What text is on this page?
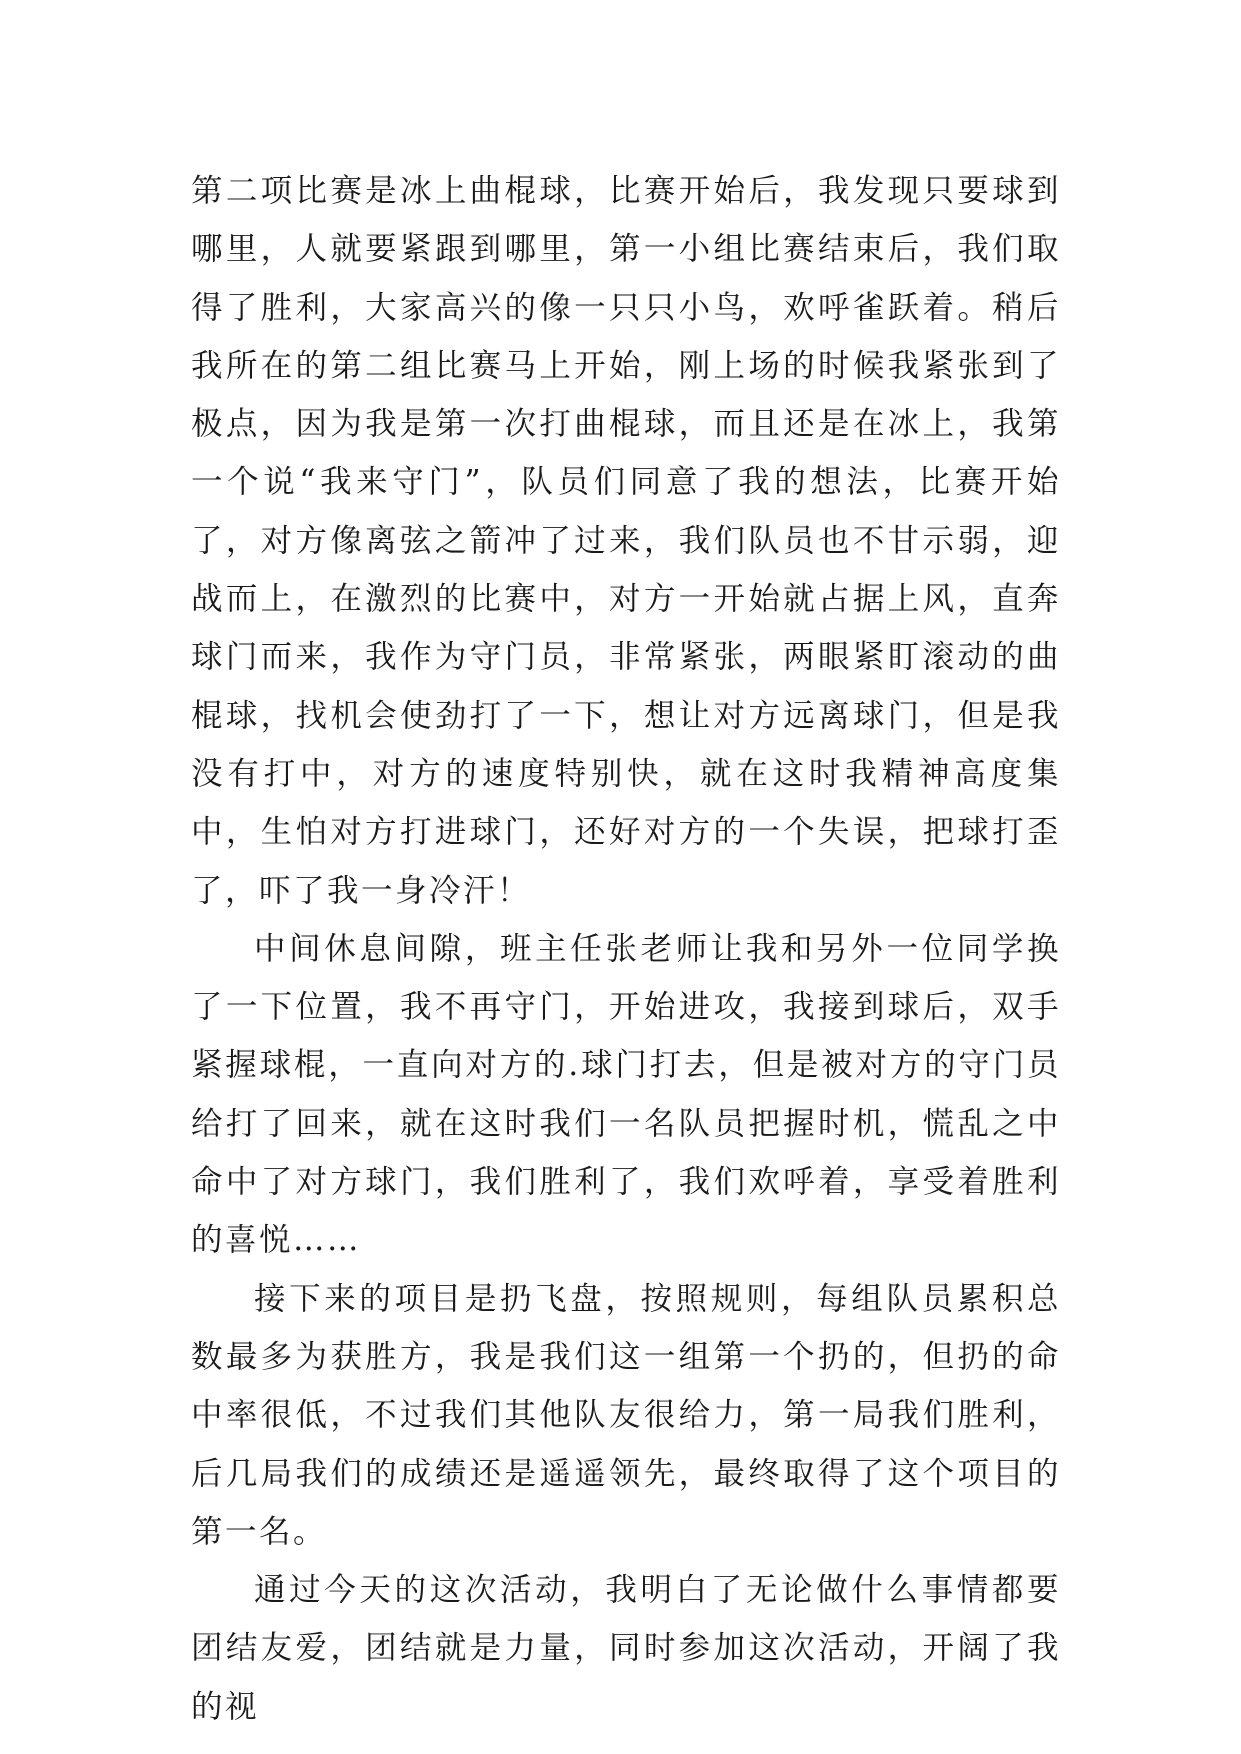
第二项比赛是冰上曲棍球，比赛开始后，我发现只要球到哪里，人就要紧跟到哪里，第一小组比赛结束后，我们取得了胜利，大家高兴的像一只只小鸟，欢呼雀跃着。稍后我所在的第二组比赛马上开始，刚上场的时候我紧张到了极点，因为我是第一次打曲棍球，而且还是在冰上，我第一个说“我来守门”，队员们同意了我的想法，比赛开始了，对方像离弦之箭冲了过来，我们队员也不甘示弱，迎战而上，在激烈的比赛中，对方一开始就占据上风，直奔球门而来，我作为守门员，非常紧张，两眼紧盯滚动的曲棍球，找机会使劲打了一下，想让对方远离球门，但是我没有打中，对方的速度特别快，就在这时我精神高度集中，生怕对方打进球门，还好对方的一个失误，把球打歪了，吓了我一身冷汗！

中间休息间隙，班主任张老师让我和另外一位同学换了一下位置，我不再守门，开始进攻，我接到球后，双手紧握球棍，一直向对方的.球门打去，但是被对方的守门员给打了回来，就在这时我们一名队员把握时机，慌乱之中命中了对方球门，我们胜利了，我们欢呼着，享受着胜利的喜悦……

接下来的项目是扔飞盘，按照规则，每组队员累积总数最多为获胜方，我是我们这一组第一个扔的，但扔的命中率很低，不过我们其他队友很给力，第一局我们胜利，后几局我们的成绩还是遥遥领先，最终取得了这个项目的第一名。

通过今天的这次活动，我明白了无论做什么事情都要团结友爱，团结就是力量，同时参加这次活动，开阔了我的视
